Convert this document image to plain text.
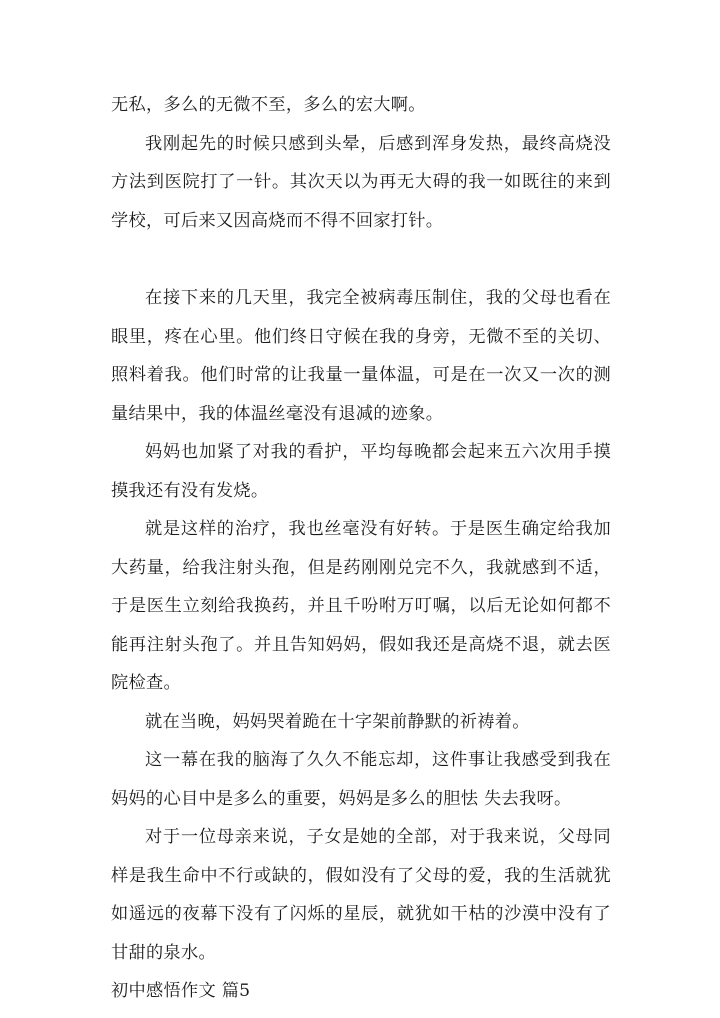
无私，多么的无微不至，多么的宏大啊。

我刚起先的时候只感到头晕，后感到浑身发热，最终高烧没方法到医院打了一针。其次天以为再无大碍的我一如既往的来到学校，可后来又因高烧而不得不回家打针。

在接下来的几天里，我完全被病毒压制住，我的父母也看在眼里，疼在心里。他们终日守候在我的身旁，无微不至的关切、照料着我。他们时常的让我量一量体温，可是在一次又一次的测量结果中，我的体温丝毫没有退减的迹象。

妈妈也加紧了对我的看护，平均每晚都会起来五六次用手摸摸我还有没有发烧。

就是这样的治疗，我也丝毫没有好转。于是医生确定给我加大药量，给我注射头孢，但是药刚刚兑完不久，我就感到不适，于是医生立刻给我换药，并且千吩咐万叮嘱，以后无论如何都不能再注射头孢了。并且告知妈妈，假如我还是高烧不退，就去医院检查。

就在当晚，妈妈哭着跪在十字架前静默的祈祷着。

这一幕在我的脑海了久久不能忘却，这件事让我感受到我在妈妈的心目中是多么的重要，妈妈是多么的胆怯 失去我呀。

对于一位母亲来说，子女是她的全部，对于我来说，父母同样是我生命中不行或缺的，假如没有了父母的爱，我的生活就犹如遥远的夜幕下没有了闪烁的星辰，就犹如干枯的沙漠中没有了甘甜的泉水。

初中感悟作文 篇5
